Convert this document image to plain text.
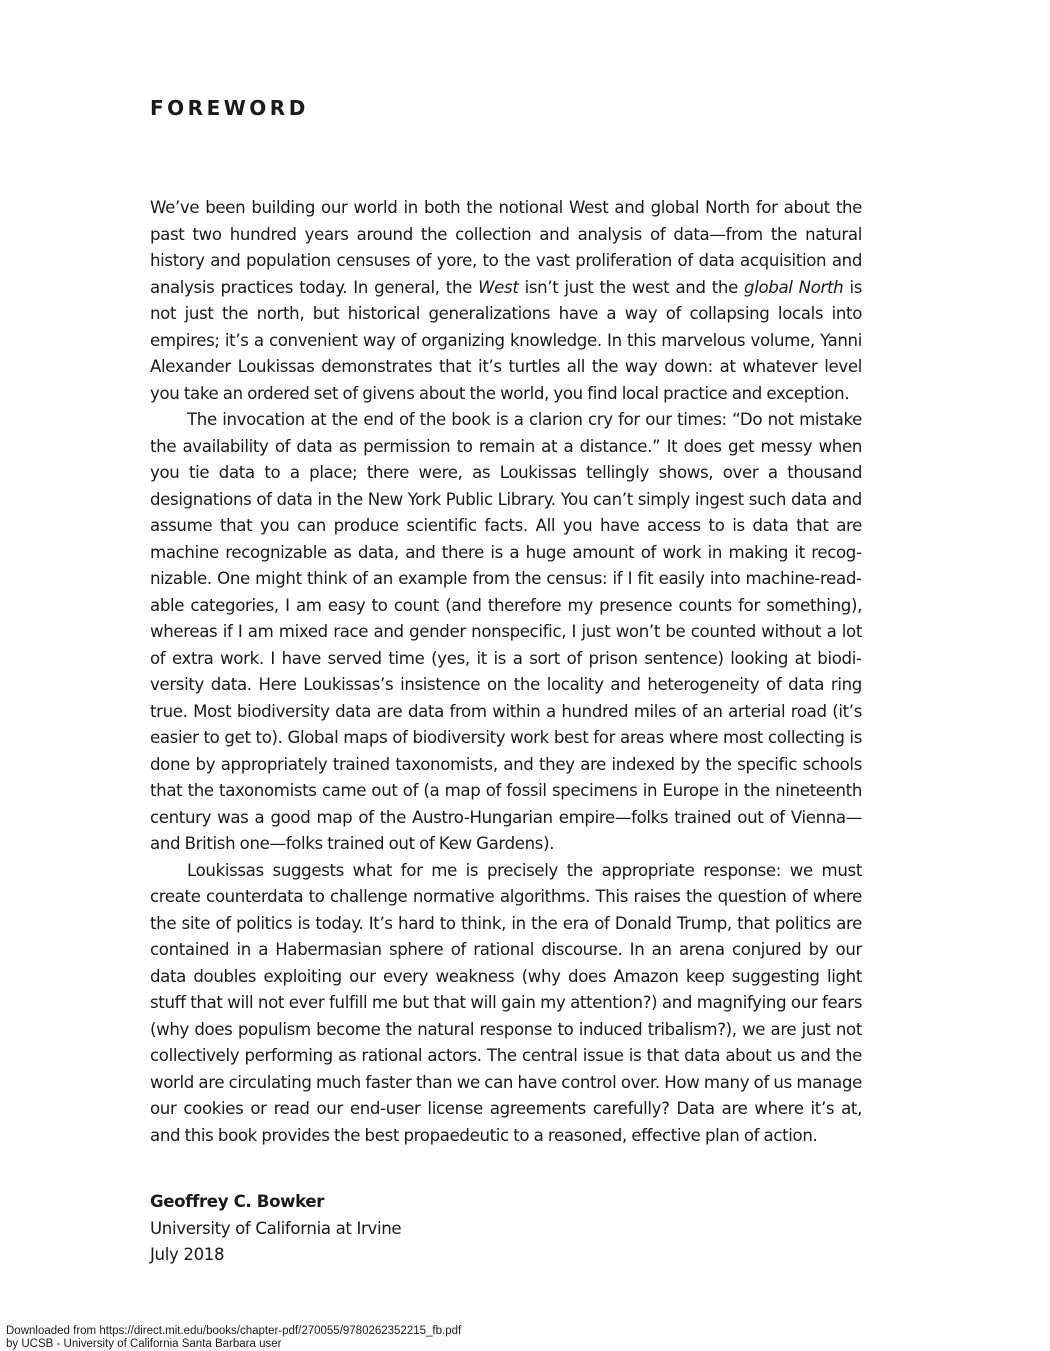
FOREWORD

We’ve been building our world in both the notional West and global North for about the past two hundred years around the collection and analysis of data—from the natural history and population censuses of yore, to the vast proliferation of data acquisition and analysis practices today. In general, the West isn’t just the west and the global North is not just the north, but historical generalizations have a way of collapsing locals into empires; it’s a convenient way of organizing knowledge. In this marvelous volume, Yanni Alexander Loukissas demonstrates that it’s turtles all the way down: at whatever level you take an ordered set of givens about the world, you find local practice and exception.

The invocation at the end of the book is a clarion cry for our times: “Do not mistake the availability of data as permission to remain at a distance.” It does get messy when you tie data to a place; there were, as Loukissas tellingly shows, over a thousand designations of data in the New York Public Library. You can’t simply ingest such data and assume that you can produce scientific facts. All you have access to is data that are machine recognizable as data, and there is a huge amount of work in making it recognizable. One might think of an example from the census: if I fit easily into machine-readable categories, I am easy to count (and therefore my presence counts for something), whereas if I am mixed race and gender nonspecific, I just won’t be counted without a lot of extra work. I have served time (yes, it is a sort of prison sentence) looking at biodiversity data. Here Loukissas’s insistence on the locality and heterogeneity of data ring true. Most biodiversity data are data from within a hundred miles of an arterial road (it’s easier to get to). Global maps of biodiversity work best for areas where most collecting is done by appropriately trained taxonomists, and they are indexed by the specific schools that the taxonomists came out of (a map of fossil specimens in Europe in the nineteenth century was a good map of the Austro-Hungarian empire—folks trained out of Vienna—and British one—folks trained out of Kew Gardens).

Loukissas suggests what for me is precisely the appropriate response: we must create counterdata to challenge normative algorithms. This raises the question of where the site of politics is today. It’s hard to think, in the era of Donald Trump, that politics are contained in a Habermasian sphere of rational discourse. In an arena conjured by our data doubles exploiting our every weakness (why does Amazon keep suggesting light stuff that will not ever fulfill me but that will gain my attention?) and magnifying our fears (why does populism become the natural response to induced tribalism?), we are just not collectively performing as rational actors. The central issue is that data about us and the world are circulating much faster than we can have control over. How many of us manage our cookies or read our end-user license agreements carefully? Data are where it’s at, and this book provides the best propaedeutic to a reasoned, effective plan of action.

Geoffrey C. Bowker
University of California at Irvine
July 2018
Downloaded from https://direct.mit.edu/books/chapter-pdf/270055/9780262352215_fb.pdf
by UCSB - University of California Santa Barbara user
